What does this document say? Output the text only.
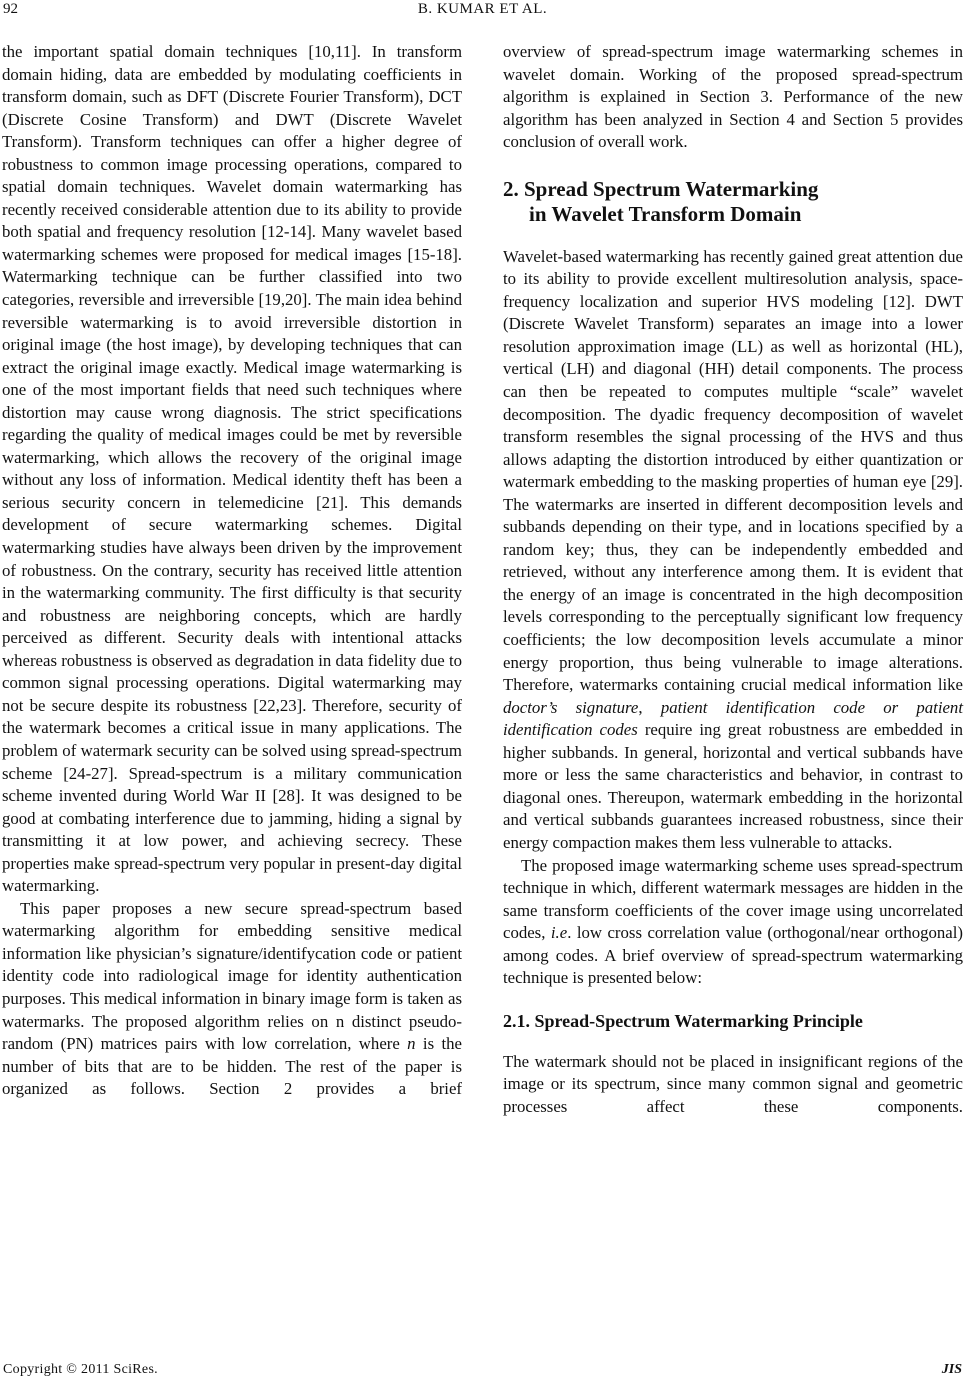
92	B. KUMAR ET AL.

the important spatial domain techniques [10,11]. In transform domain hiding, data are embedded by modulating coefficients in transform domain, such as DFT (Discrete Fourier Transform), DCT (Discrete Cosine Transform) and DWT (Discrete Wavelet Transform). Transform techniques can offer a higher degree of robustness to common image processing operations, compared to spatial domain techniques. Wavelet domain watermarking has recently received considerable attention due to its ability to provide both spatial and frequency resolution [12-14]. Many wavelet based watermarking schemes were proposed for medical images [15-18]. Watermarking technique can be further classified into two categories, reversible and irreversible [19,20]. The main idea behind reversible watermarking is to avoid irreversible distortion in original image (the host image), by developing techniques that can extract the original image exactly. Medical image watermarking is one of the most important fields that need such techniques where distortion may cause wrong diagnosis. The strict specifications regarding the quality of medical images could be met by reversible watermarking, which allows the recovery of the original image without any loss of information. Medical identity theft has been a serious security concern in telemedicine [21]. This demands development of secure watermarking schemes. Digital watermarking studies have always been driven by the improvement of robustness. On the contrary, security has received little attention in the watermarking community. The first difficulty is that security and robustness are neighboring concepts, which are hardly perceived as different. Security deals with intentional attacks whereas robustness is observed as degradation in data fidelity due to common signal processing operations. Digital watermarking may not be secure despite its robustness [22,23]. Therefore, security of the watermark becomes a critical issue in many applications. The problem of watermark security can be solved using spread-spectrum scheme [24-27]. Spread-spectrum is a military communication scheme invented during World War II [28]. It was designed to be good at combating interference due to jamming, hiding a signal by transmitting it at low power, and achieving secrecy. These properties make spread-spectrum very popular in present-day digital watermarking.

This paper proposes a new secure spread-spectrum based watermarking algorithm for embedding sensitive medical information like physician’s signature/identifycation code or patient identity code into radiological image for identity authentication purposes. This medical information in binary image form is taken as watermarks. The proposed algorithm relies on n distinct pseudo-random (PN) matrices pairs with low correlation, where n is the number of bits that are to be hidden. The rest of the paper is organized as follows. Section 2 provides a brief

overview of spread-spectrum image watermarking schemes in wavelet domain. Working of the proposed spread-spectrum algorithm is explained in Section 3. Performance of the new algorithm has been analyzed in Section 4 and Section 5 provides conclusion of overall work.

2. Spread Spectrum Watermarking
in Wavelet Transform Domain

Wavelet-based watermarking has recently gained great attention due to its ability to provide excellent multiresolution analysis, space-frequency localization and superior HVS modeling [12]. DWT (Discrete Wavelet Transform) separates an image into a lower resolution approximation image (LL) as well as horizontal (HL), vertical (LH) and diagonal (HH) detail components. The process can then be repeated to computes multiple “scale” wavelet decomposition. The dyadic frequency decomposition of wavelet transform resembles the signal processing of the HVS and thus allows adapting the distortion introduced by either quantization or watermark embedding to the masking properties of human eye [29]. The watermarks are inserted in different decomposition levels and subbands depending on their type, and in locations specified by a random key; thus, they can be independently embedded and retrieved, without any interference among them. It is evident that the energy of an image is concentrated in the high decomposition levels corresponding to the perceptually significant low frequency coefficients; the low decomposition levels accumulate a minor energy proportion, thus being vulnerable to image alterations. Therefore, watermarks containing crucial medical information like doctor’s signature, patient identification code or patient identification codes require ing great robustness are embedded in higher subbands. In general, horizontal and vertical subbands have more or less the same characteristics and behavior, in contrast to diagonal ones. Thereupon, watermark embedding in the horizontal and vertical subbands guarantees increased robustness, since their energy compaction makes them less vulnerable to attacks.

The proposed image watermarking scheme uses spread-spectrum technique in which, different watermark messages are hidden in the same transform coefficients of the cover image using uncorrelated codes, i.e. low cross correlation value (orthogonal/near orthogonal) among codes. A brief overview of spread-spectrum watermarking technique is presented below:

2.1. Spread-Spectrum Watermarking Principle

The watermark should not be placed in insignificant regions of the image or its spectrum, since many common signal and geometric processes affect these components.

Copyright © 2011 SciRes.	JIS
